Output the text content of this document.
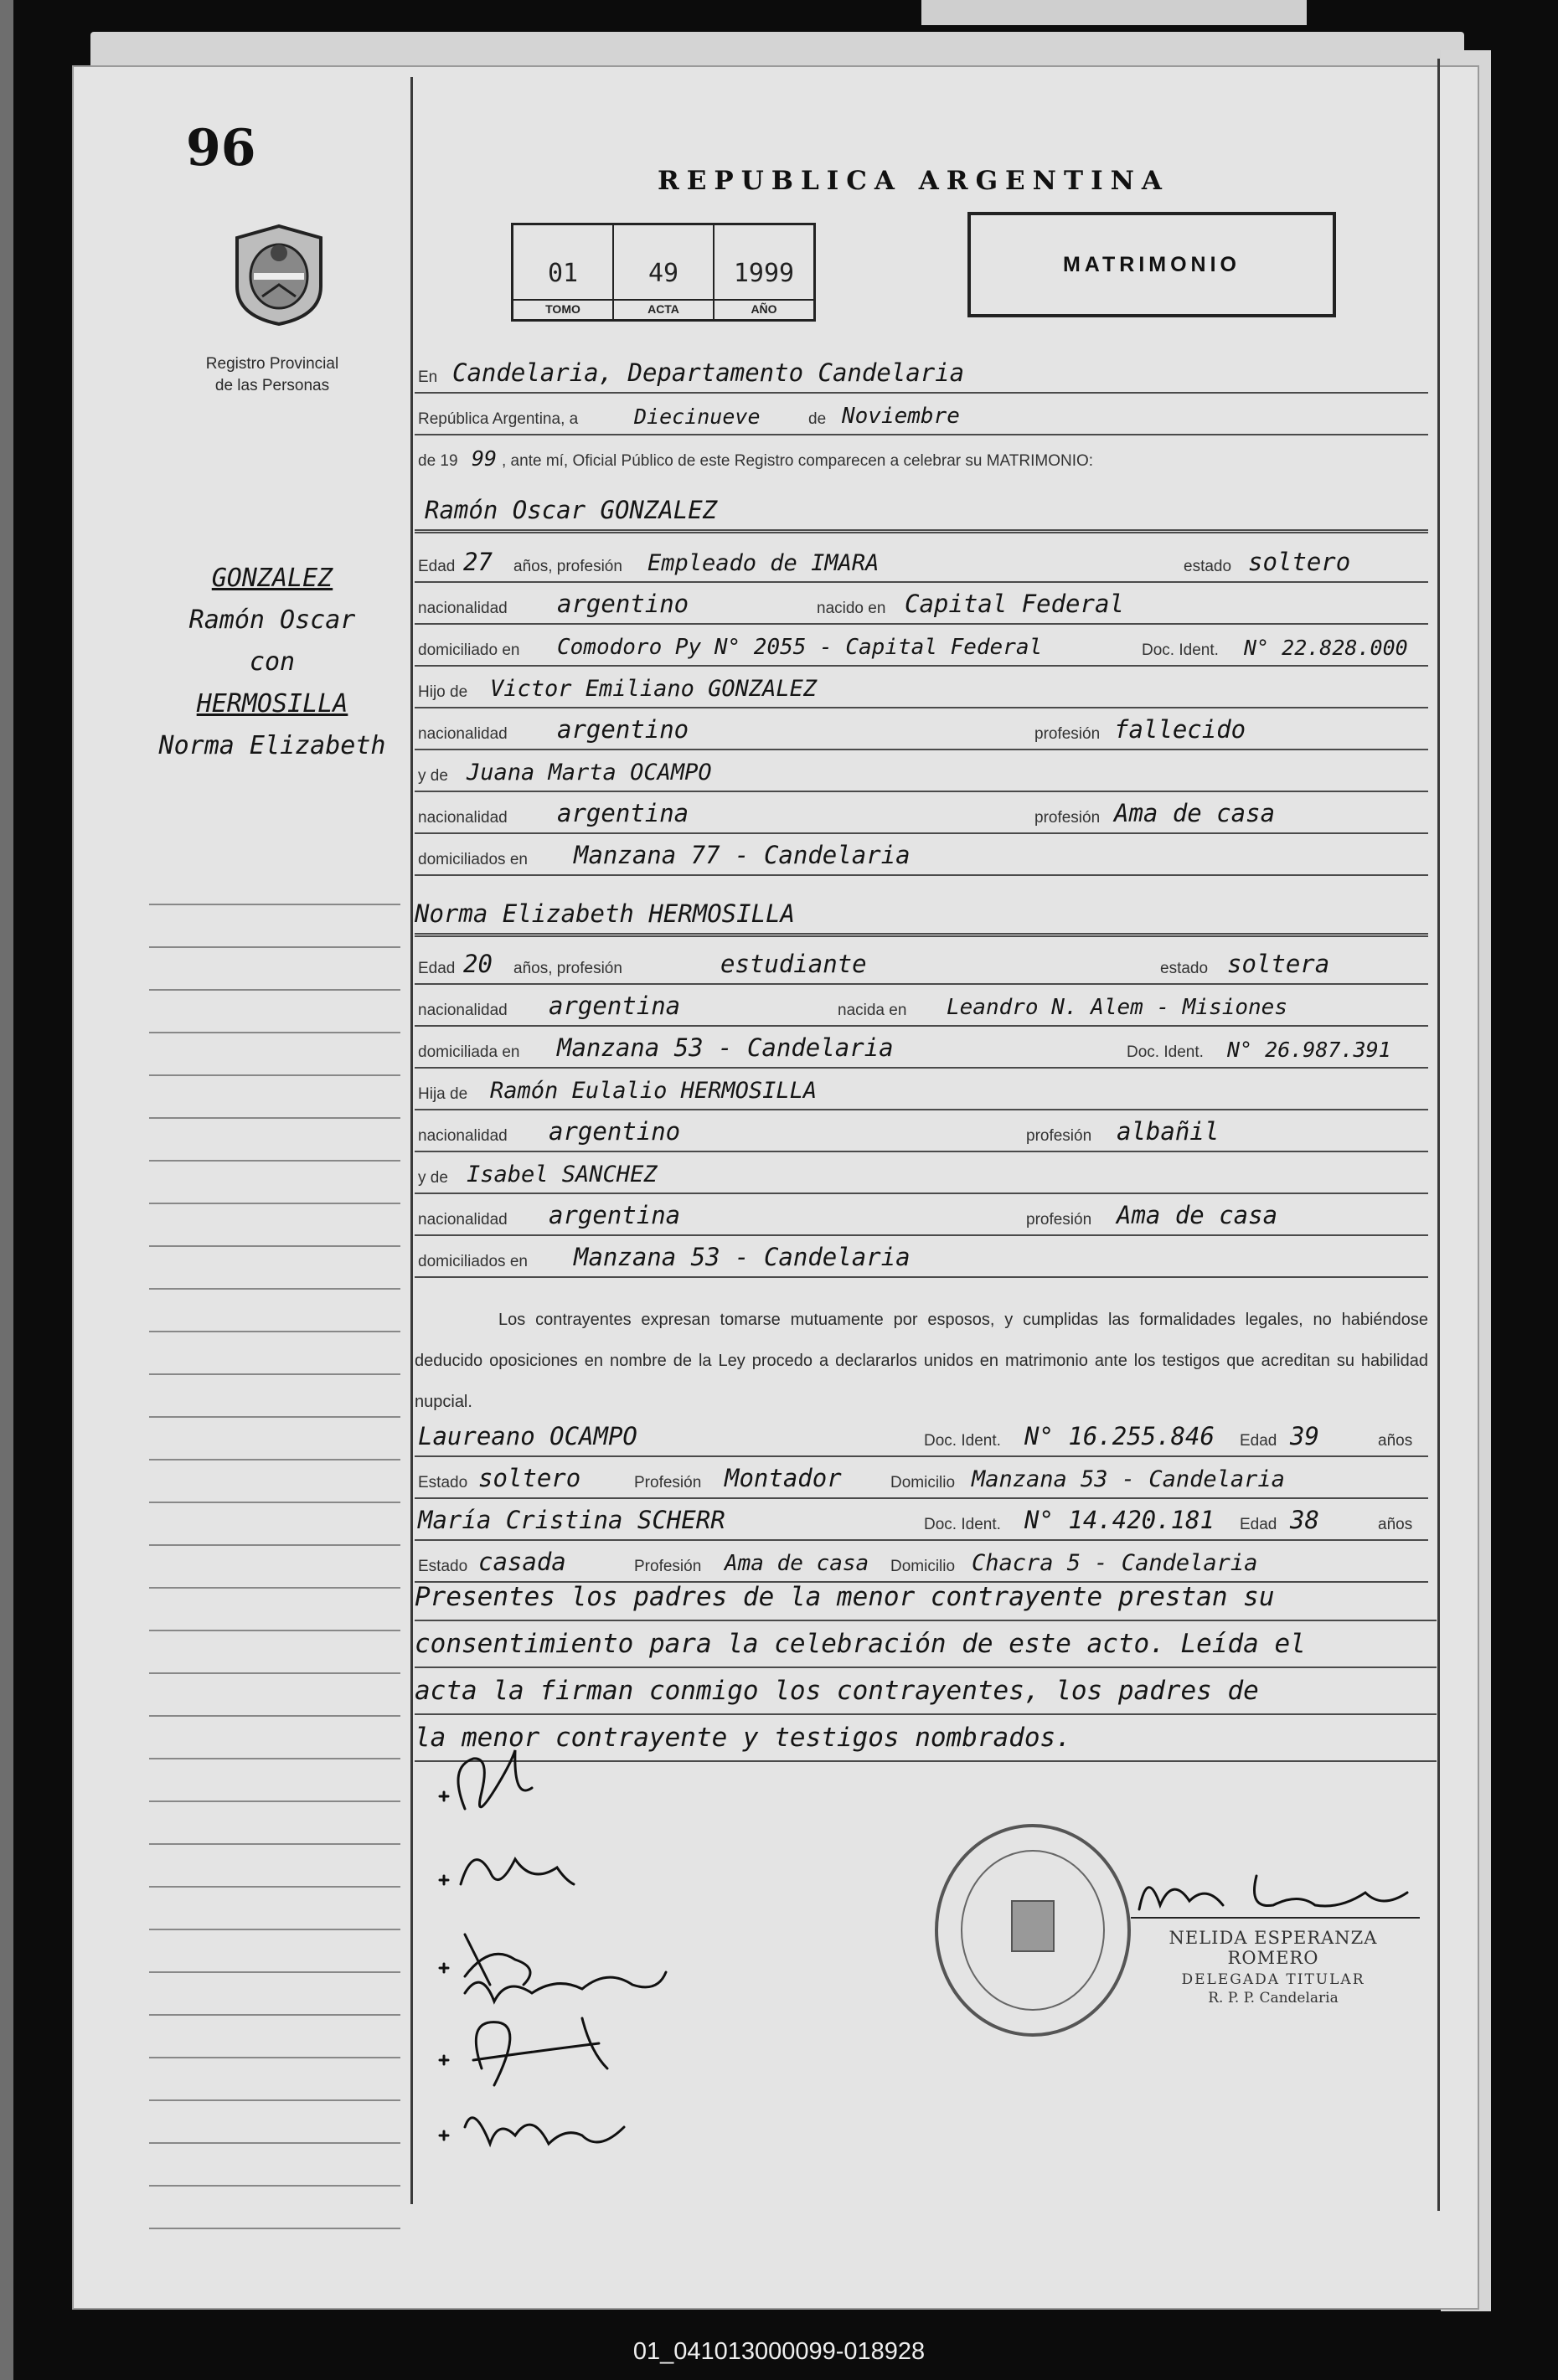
96
Registro Provincial
de las Personas
REPUBLICA ARGENTINA
01
TOMO
49
ACTA
1999
AÑO
MATRIMONIO
GONZALEZ
Ramón Oscar
con
HERMOSILLA
Norma Elizabeth
En Candelaria, Departamento Candelaria
República Argentina, a	Diecinueve	de Noviembre
de 19 99 , ante mí, Oficial Público de este Registro comparecen a celebrar su MATRIMONIO:
Ramón Oscar GONZALEZ
Edad 27 años, profesión Empleado de IMARA	estado soltero
nacionalidad argentino	nacido en Capital Federal
domiciliado en Comodoro Py N° 2055 - Capital Federal	Doc. Ident. N° 22.828.000
Hijo de Victor Emiliano GONZALEZ
nacionalidad argentino	profesión fallecido
y de Juana Marta OCAMPO
nacionalidad argentina	profesión Ama de casa
domiciliados en Manzana 77 - Candelaria
Norma Elizabeth HERMOSILLA
Edad 20 años, profesión	estudiante	estado soltera
nacionalidad argentina	nacida en Leandro N. Alem - Misiones
domiciliada en Manzana 53 - Candelaria	Doc. Ident. N° 26.987.391
Hija de Ramón Eulalio HERMOSILLA
nacionalidad argentino	profesión albañil
y de Isabel SANCHEZ
nacionalidad argentina	profesión Ama de casa
domiciliados en Manzana 53 - Candelaria
Los contrayentes expresan tomarse mutuamente por esposos, y cumplidas las formalidades legales, no habiéndose deducido oposiciones en nombre de la Ley procedo a declararlos unidos en matrimonio ante los testigos que acreditan su habilidad nupcial.
Laureano OCAMPO	Doc. Ident. N° 16.255.846 Edad 39	años
Estado soltero	Profesión Montador	Domicilio Manzana 53 - Candelaria
María Cristina SCHERR	Doc. Ident. N° 14.420.181 Edad 38	años
Estado casada	Profesión Ama de casa Domicilio Chacra 5 - Candelaria
Presentes los padres de la menor contrayente prestan su
consentimiento para la celebración de este acto. Leída el
acta la firman conmigo los contrayentes, los padres de
la menor contrayente y testigos nombrados.
NELIDA ESPERANZA ROMERO
DELEGADA TITULAR
R. P. P. Candelaria
01_041013000099-018928
